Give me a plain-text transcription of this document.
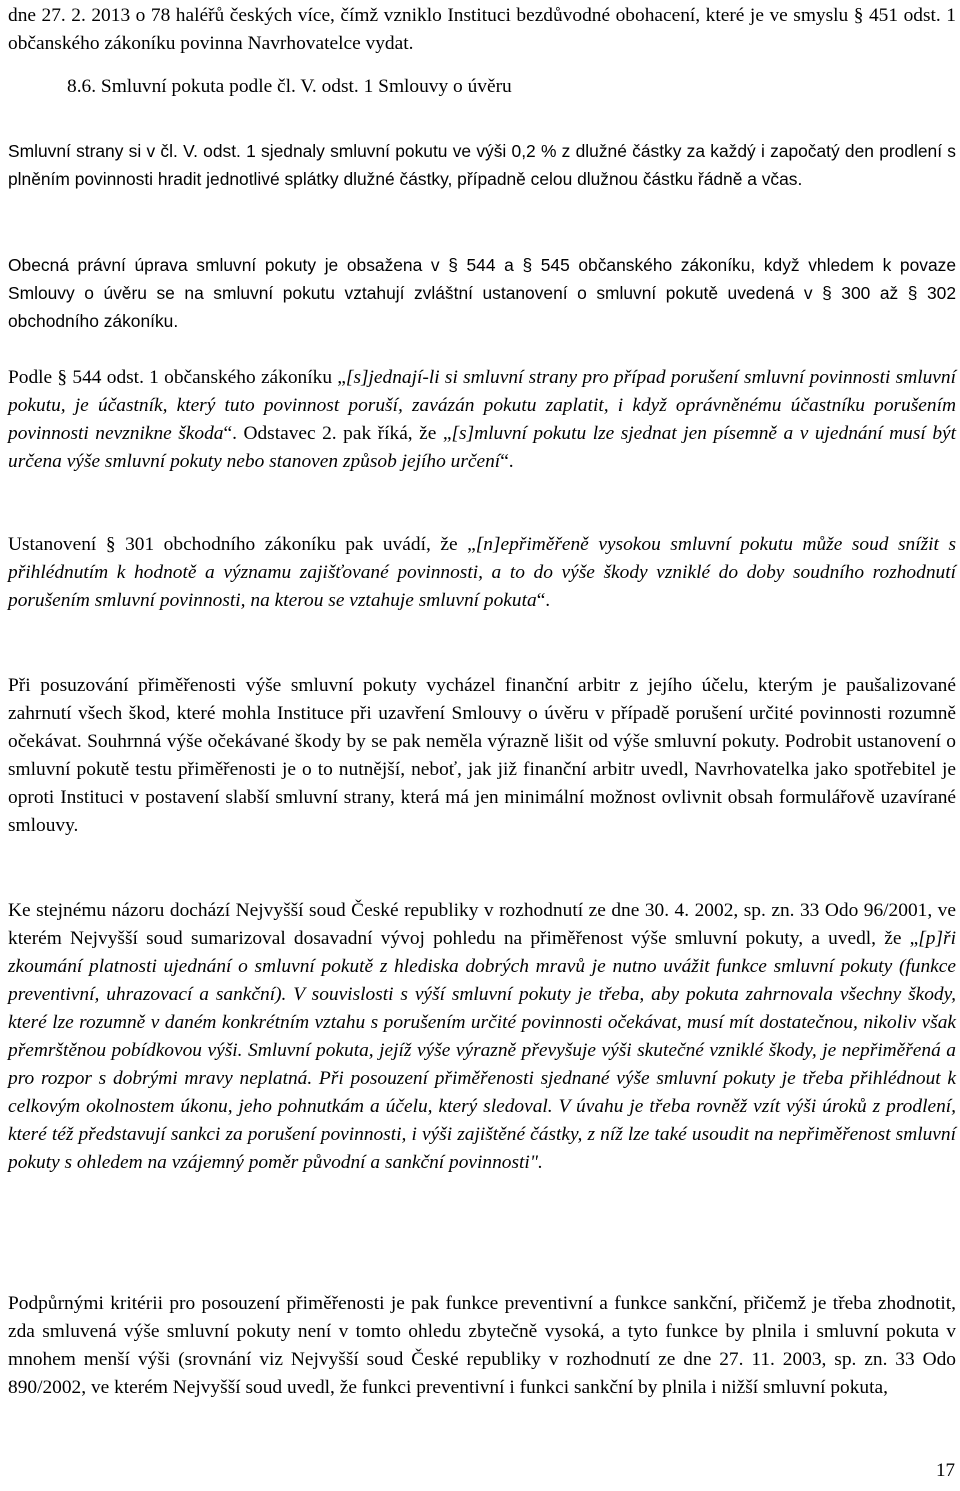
dne 27. 2. 2013 o 78 haléřů českých více, čímž vzniklo Instituci bezdůvodné obohacení, které je ve smyslu § 451 odst. 1 občanského zákoníku povinna Navrhovatelce vydat.

8.6. Smluvní pokuta podle čl. V. odst. 1 Smlouvy o úvěru

Smluvní strany si v čl. V. odst. 1 sjednaly smluvní pokutu ve výši 0,2 % z dlužné částky za každý i započatý den prodlení s plněním povinnosti hradit jednotlivé splátky dlužné částky, případně celou dlužnou částku řádně a včas.

Obecná právní úprava smluvní pokuty je obsažena v § 544 a § 545 občanského zákoníku, když vhledem k povaze Smlouvy o úvěru se na smluvní pokutu vztahují zvláštní ustanovení o smluvní pokutě uvedená v § 300 až § 302 obchodního zákoníku.

Podle § 544 odst. 1 občanského zákoníku „[s]jednají-li si smluvní strany pro případ porušení smluvní povinnosti smluvní pokutu, je účastník, který tuto povinnost poruší, zavázán pokutu zaplatit, i když oprávněnému účastníku porušením povinnosti nevznikne škoda“. Odstavec 2. pak říká, že „[s]mluvní pokutu lze sjednat jen písemně a v ujednání musí být určena výše smluvní pokuty nebo stanoven způsob jejího určení“.

Ustanovení § 301 obchodního zákoníku pak uvádí, že „[n]epřiměřeně vysokou smluvní pokutu může soud snížit s přihlédnutím k hodnotě a významu zajišťované povinnosti, a to do výše škody vzniklé do doby soudního rozhodnutí porušením smluvní povinnosti, na kterou se vztahuje smluvní pokuta“.

Při posuzování přiměřenosti výše smluvní pokuty vycházel finanční arbitr z jejího účelu, kterým je paušalizované zahrnutí všech škod, které mohla Instituce při uzavření Smlouvy o úvěru v případě porušení určité povinnosti rozumně očekávat. Souhrnná výše očekávané škody by se pak neměla výrazně lišit od výše smluvní pokuty. Podrobit ustanovení o smluvní pokutě testu přiměřenosti je o to nutnější, neboť, jak již finanční arbitr uvedl, Navrhovatelka jako spotřebitel je oproti Instituci v postavení slabší smluvní strany, která má jen minimální možnost ovlivnit obsah formulářově uzavírané smlouvy.

Ke stejnému názoru dochází Nejvyšší soud České republiky v rozhodnutí ze dne 30. 4. 2002, sp. zn. 33 Odo 96/2001, ve kterém Nejvyšší soud sumarizoval dosavadní vývoj pohledu na přiměřenost výše smluvní pokuty, a uvedl, že „[p]ři zkoumání platnosti ujednání o smluvní pokutě z hlediska dobrých mravů je nutno uvážit funkce smluvní pokuty (funkce preventivní, uhrazovací a sankční). V souvislosti s výší smluvní pokuty je třeba, aby pokuta zahrnovala všechny škody, které lze rozumně v daném konkrétním vztahu s porušením určité povinnosti očekávat, musí mít dostatečnou, nikoliv však přemrštěnou pobídkovou výši. Smluvní pokuta, jejíž výše výrazně převyšuje výši skutečné vzniklé škody, je nepřiměřená a pro rozpor s dobrými mravy neplatná. Při posouzení přiměřenosti sjednané výše smluvní pokuty je třeba přihlédnout k celkovým okolnostem úkonu, jeho pohnutkám a účelu, který sledoval. V úvahu je třeba rovněž vzít výši úroků z prodlení, které též představují sankci za porušení povinnosti, i výši zajištěné částky, z níž lze také usoudit na nepřiměřenost smluvní pokuty s ohledem na vzájemný poměr původní a sankční povinnosti".

Podpůrnými kritérii pro posouzení přiměřenosti je pak funkce preventivní a funkce sankční, přičemž je třeba zhodnotit, zda smluvená výše smluvní pokuty není v tomto ohledu zbytečně vysoká, a tyto funkce by plnila i smluvní pokuta v mnohem menší výši (srovnání viz Nejvyšší soud České republiky v rozhodnutí ze dne 27. 11. 2003, sp. zn. 33 Odo 890/2002, ve kterém Nejvyšší soud uvedl, že funkci preventivní i funkci sankční by plnila i nižší smluvní pokuta,

17
